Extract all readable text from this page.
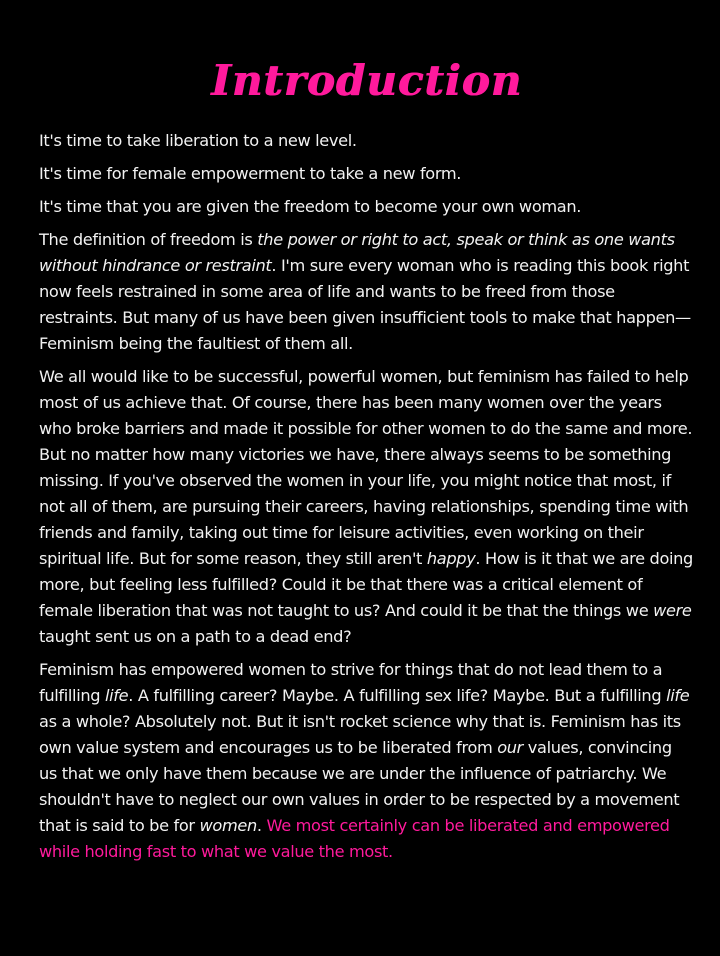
Introduction

It's time to take liberation to a new level.

It's time for female empowerment to take a new form.

It's time that you are given the freedom to become your own woman.

The definition of freedom is the power or right to act, speak or think as one wants without hindrance or restraint. I'm sure every woman who is reading this book right now feels restrained in some area of life and wants to be freed from those restraints. But many of us have been given insufficient tools to make that happen—Feminism being the faultiest of them all.

We all would like to be successful, powerful women, but feminism has failed to help most of us achieve that. Of course, there has been many women over the years who broke barriers and made it possible for other women to do the same and more. But no matter how many victories we have, there always seems to be something missing. If you've observed the women in your life, you might notice that most, if not all of them, are pursuing their careers, having relationships, spending time with friends and family, taking out time for leisure activities, even working on their spiritual life. But for some reason, they still aren't happy. How is it that we are doing more, but feeling less fulfilled? Could it be that there was a critical element of female liberation that was not taught to us? And could it be that the things we were taught sent us on a path to a dead end?

Feminism has empowered women to strive for things that do not lead them to a fulfilling life. A fulfilling career? Maybe. A fulfilling sex life? Maybe. But a fulfilling life as a whole? Absolutely not. But it isn't rocket science why that is. Feminism has its own value system and encourages us to be liberated from our values, convincing us that we only have them because we are under the influence of patriarchy. We shouldn't have to neglect our own values in order to be respected by a movement that is said to be for women. We most certainly can be liberated and empowered while holding fast to what we value the most.
